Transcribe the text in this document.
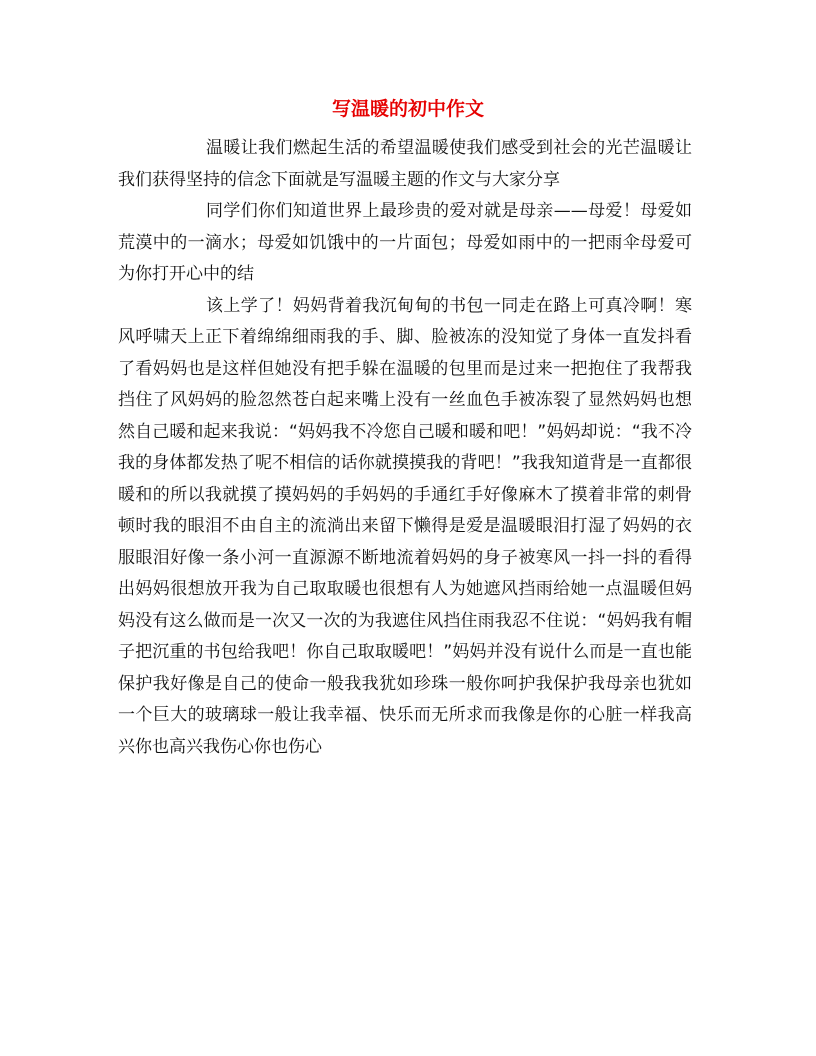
写温暖的初中作文

温暖让我们燃起生活的希望温暖使我们感受到社会的光芒温暖让我们获得坚持的信念下面就是写温暖主题的作文与大家分享

同学们你们知道世界上最珍贵的爱对就是母亲——母爱！母爱如荒漠中的一滴水；母爱如饥饿中的一片面包；母爱如雨中的一把雨伞母爱可为你打开心中的结

该上学了！妈妈背着我沉甸甸的书包一同走在路上可真冷啊！寒风呼啸天上正下着绵绵细雨我的手、脚、脸被冻的没知觉了身体一直发抖看了看妈妈也是这样但她没有把手躲在温暖的包里而是过来一把抱住了我帮我挡住了风妈妈的脸忽然苍白起来嘴上没有一丝血色手被冻裂了显然妈妈也想然自己暖和起来我说：“妈妈我不冷您自己暖和暖和吧！”妈妈却说：“我不冷我的身体都发热了呢不相信的话你就摸摸我的背吧！”我我知道背是一直都很暖和的所以我就摸了摸妈妈的手妈妈的手通红手好像麻木了摸着非常的刺骨顿时我的眼泪不由自主的流淌出来留下懒得是爱是温暖眼泪打湿了妈妈的衣服眼泪好像一条小河一直源源不断地流着妈妈的身子被寒风一抖一抖的看得出妈妈很想放开我为自己取取暖也很想有人为她遮风挡雨给她一点温暖但妈妈没有这么做而是一次又一次的为我遮住风挡住雨我忍不住说：“妈妈我有帽子把沉重的书包给我吧！你自己取取暖吧！”妈妈并没有说什么而是一直也能保护我好像是自己的使命一般我我犹如珍珠一般你呵护我保护我母亲也犹如一个巨大的玻璃球一般让我幸福、快乐而无所求而我像是你的心脏一样我高兴你也高兴我伤心你也伤心
